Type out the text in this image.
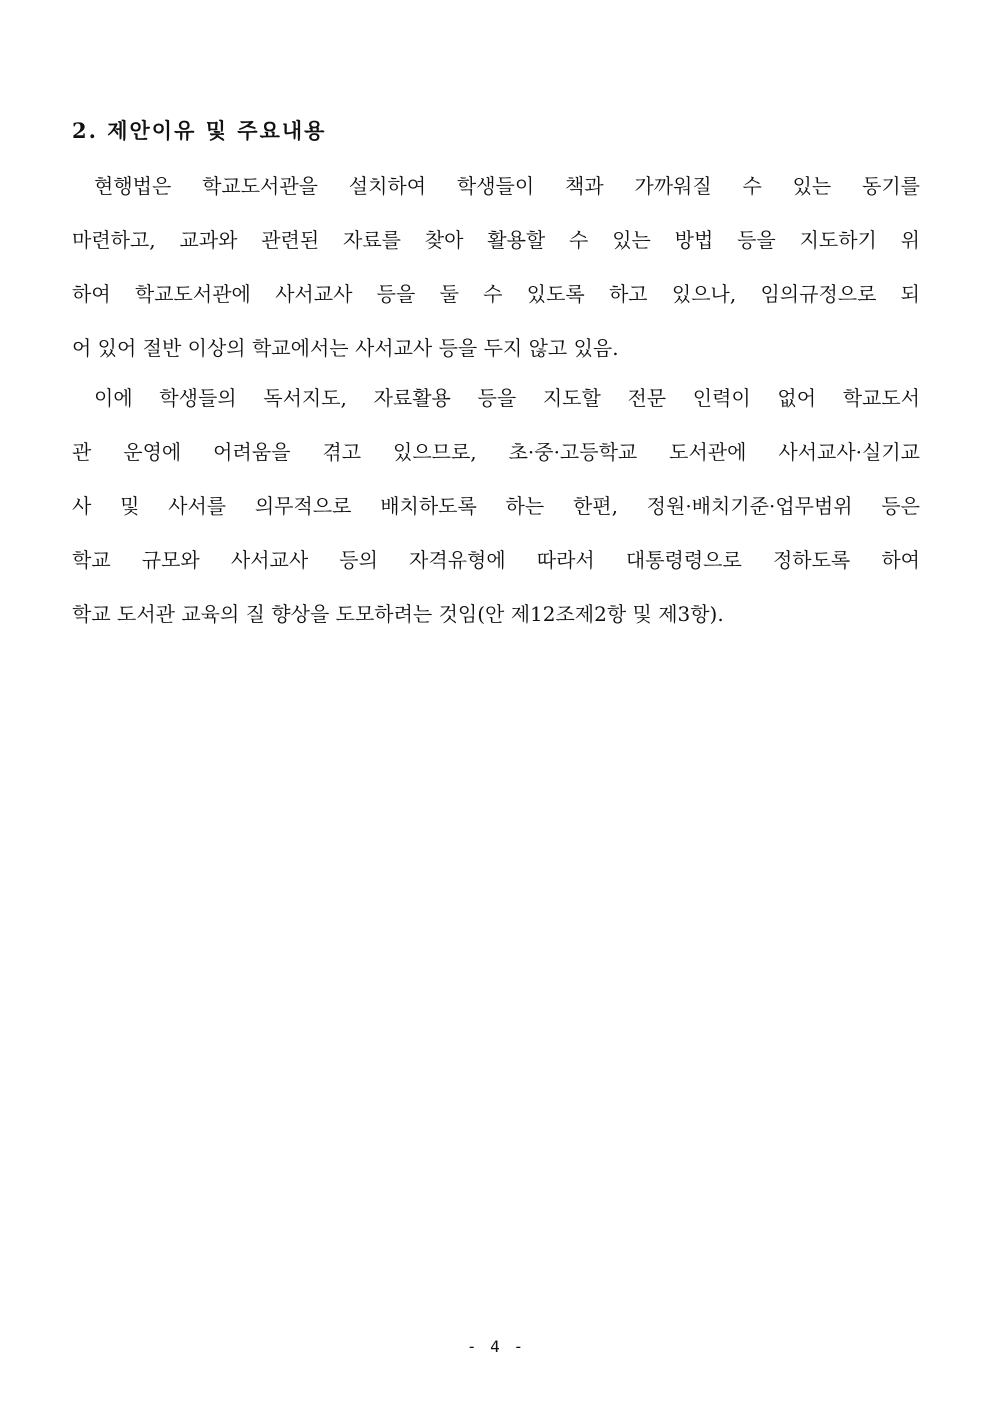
2. 제안이유 및 주요내용
현행법은 학교도서관을 설치하여 학생들이 책과 가까워질 수 있는 동기를
마련하고, 교과와 관련된 자료를 찾아 활용할 수 있는 방법 등을 지도하기 위
하여 학교도서관에 사서교사 등을 둘 수 있도록 하고 있으나, 임의규정으로 되
어 있어 절반 이상의 학교에서는 사서교사 등을 두지 않고 있음.
이에 학생들의 독서지도, 자료활용 등을 지도할 전문 인력이 없어 학교도서
관 운영에 어려움을 겪고 있으므로, 초·중·고등학교 도서관에 사서교사·실기교
사 및 사서를 의무적으로 배치하도록 하는 한편, 정원·배치기준·업무범위 등은
학교 규모와 사서교사 등의 자격유형에 따라서 대통령령으로 정하도록 하여
학교 도서관 교육의 질 향상을 도모하려는 것임(안 제12조제2항 및 제3항).
- 4 -
